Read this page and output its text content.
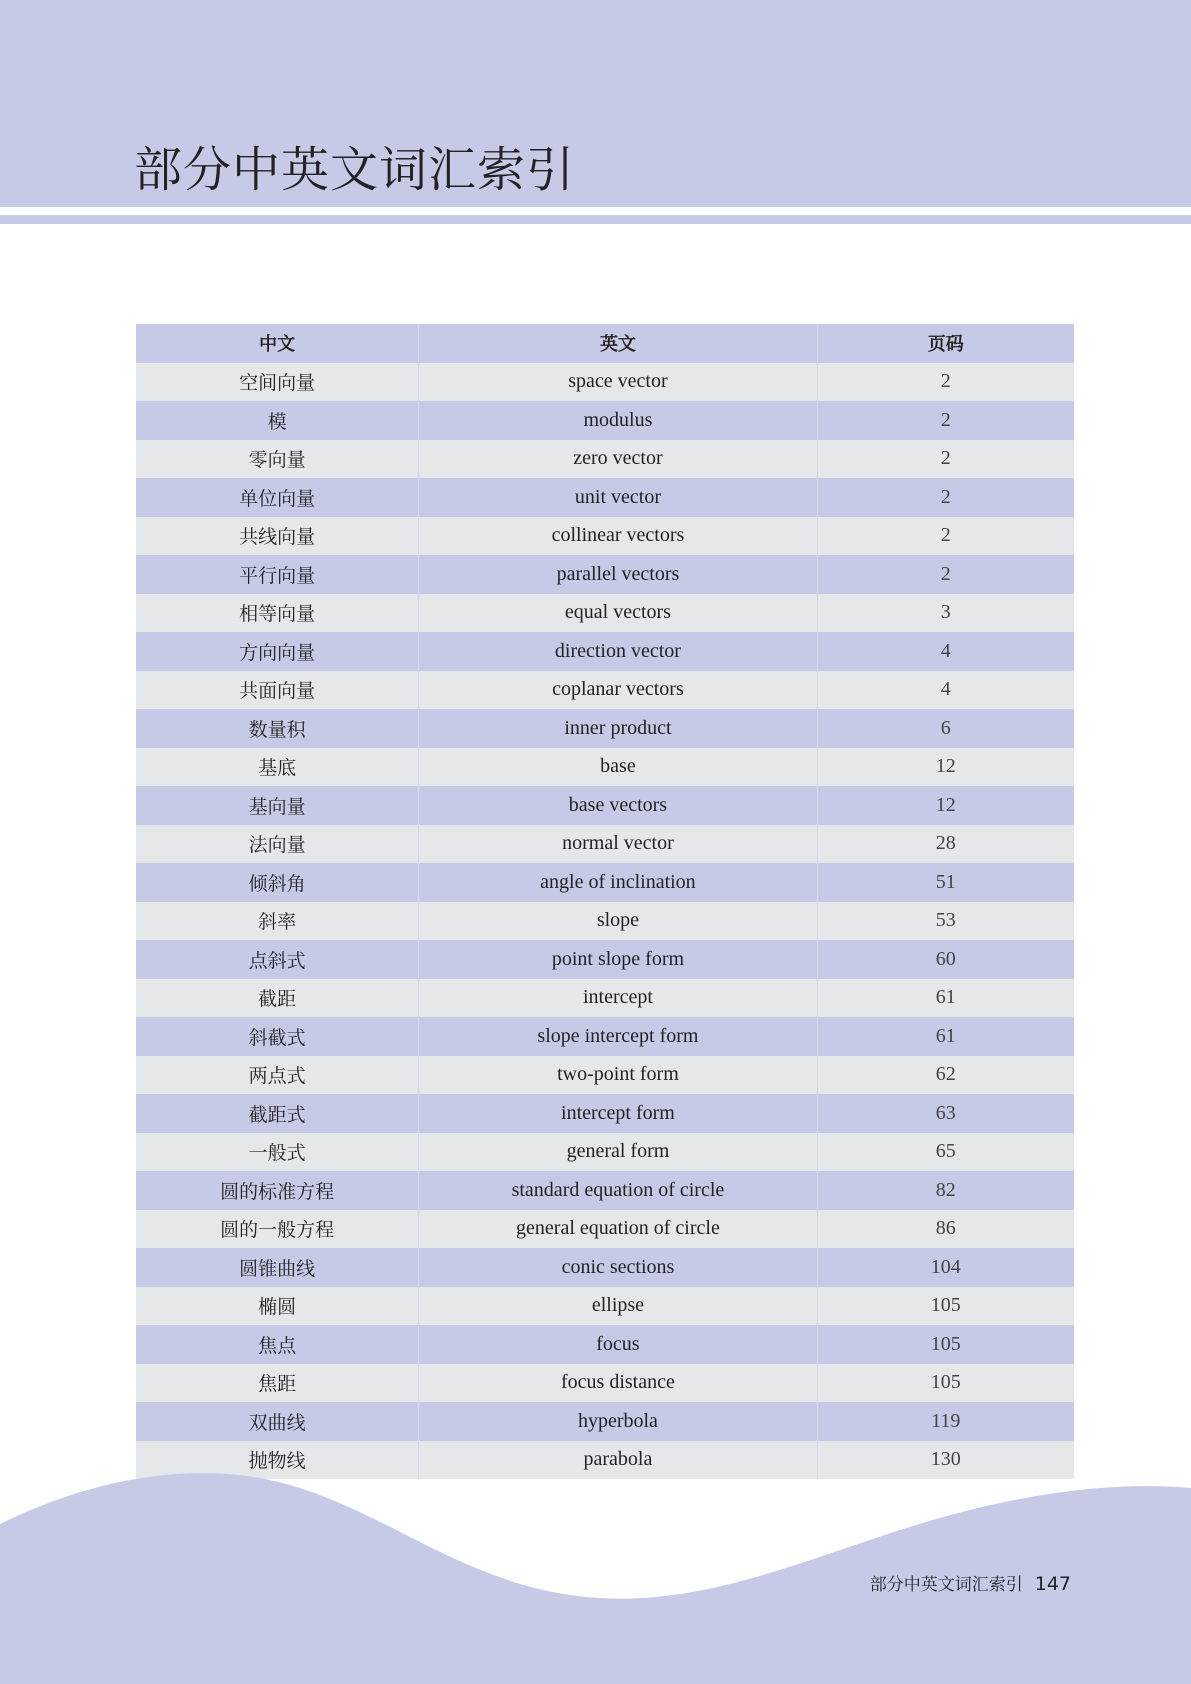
部分中英文词汇索引
中文	英文	页码
空间向量	space vector	2
模	modulus	2
零向量	zero vector	2
单位向量	unit vector	2
共线向量	collinear vectors	2
平行向量	parallel vectors	2
相等向量	equal vectors	3
方向向量	direction vector	4
共面向量	coplanar vectors	4
数量积	inner product	6
基底	base	12
基向量	base vectors	12
法向量	normal vector	28
倾斜角	angle of inclination	51
斜率	slope	53
点斜式	point slope form	60
截距	intercept	61
斜截式	slope intercept form	61
两点式	two-point form	62
截距式	intercept form	63
一般式	general form	65
圆的标准方程	standard equation of circle	82
圆的一般方程	general equation of circle	86
圆锥曲线	conic sections	104
椭圆	ellipse	105
焦点	focus	105
焦距	focus distance	105
双曲线	hyperbola	119
抛物线	parabola	130
部分中英文词汇索引 147
